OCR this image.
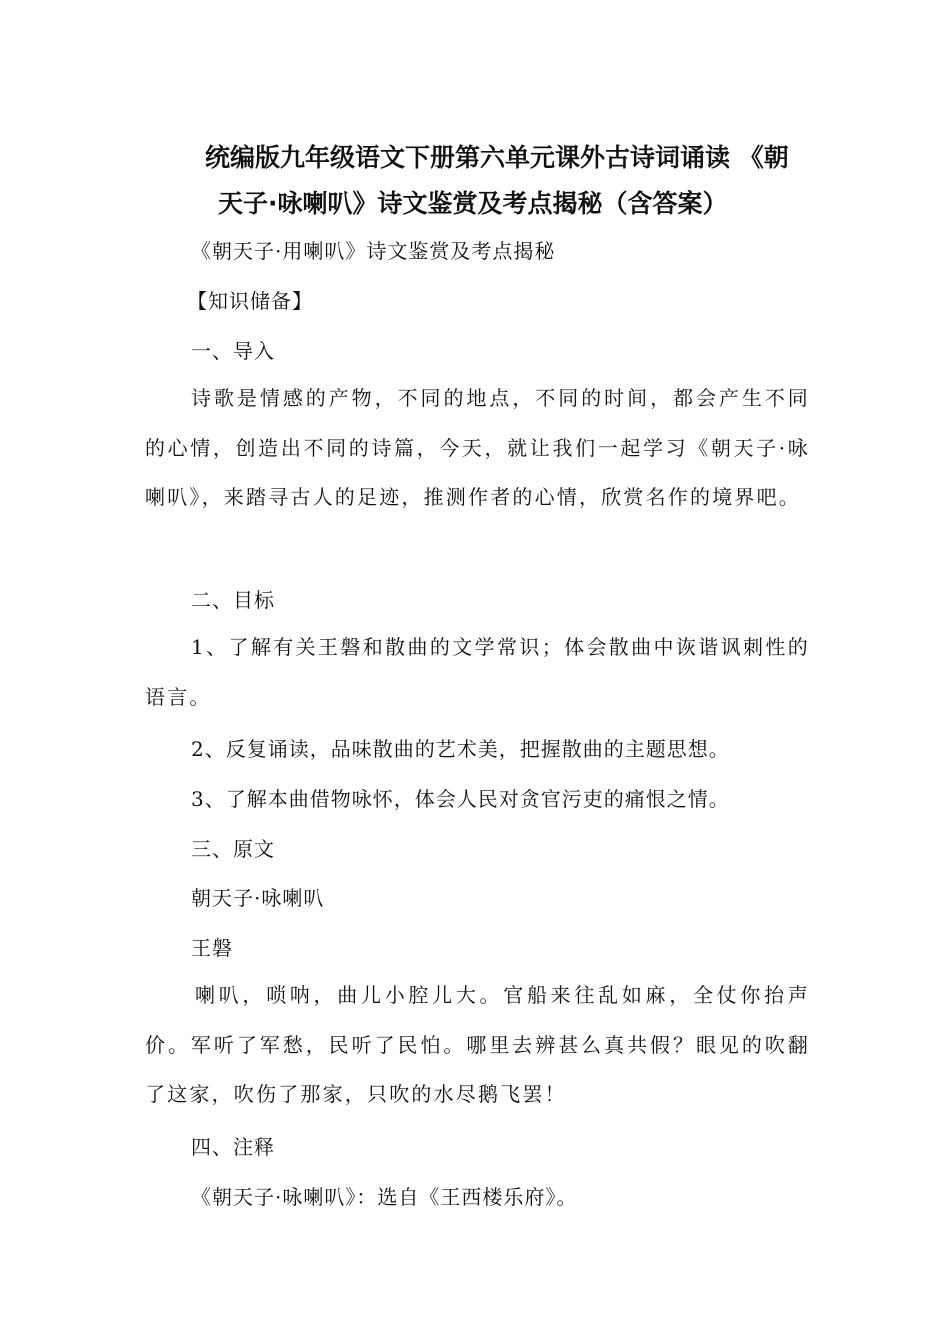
统编版九年级语文下册第六单元课外古诗词诵读 《朝
天子·咏喇叭》诗文鉴赏及考点揭秘（含答案）
《朝天子·用喇叭》诗文鉴赏及考点揭秘
【知识储备】
一、导入
诗歌是情感的产物，不同的地点，不同的时间，都会产生不同的心情，创造出不同的诗篇，今天，就让我们一起学习《朝天子·咏喇叭》，来踏寻古人的足迹，推测作者的心情，欣赏名作的境界吧。
二、目标
1、了解有关王磐和散曲的文学常识；体会散曲中诙谐讽刺性的语言。
2、反复诵读，品味散曲的艺术美，把握散曲的主题思想。
3、了解本曲借物咏怀，体会人民对贪官污吏的痛恨之情。
三、原文
朝天子·咏喇叭
王磐
喇叭，唢呐，曲儿小腔儿大。官船来往乱如麻，全仗你抬声价。军听了军愁，民听了民怕。哪里去辨甚么真共假？眼见的吹翻了这家，吹伤了那家，只吹的水尽鹅飞罢！
四、注释
《朝天子·咏喇叭》：选自《王西楼乐府》。
